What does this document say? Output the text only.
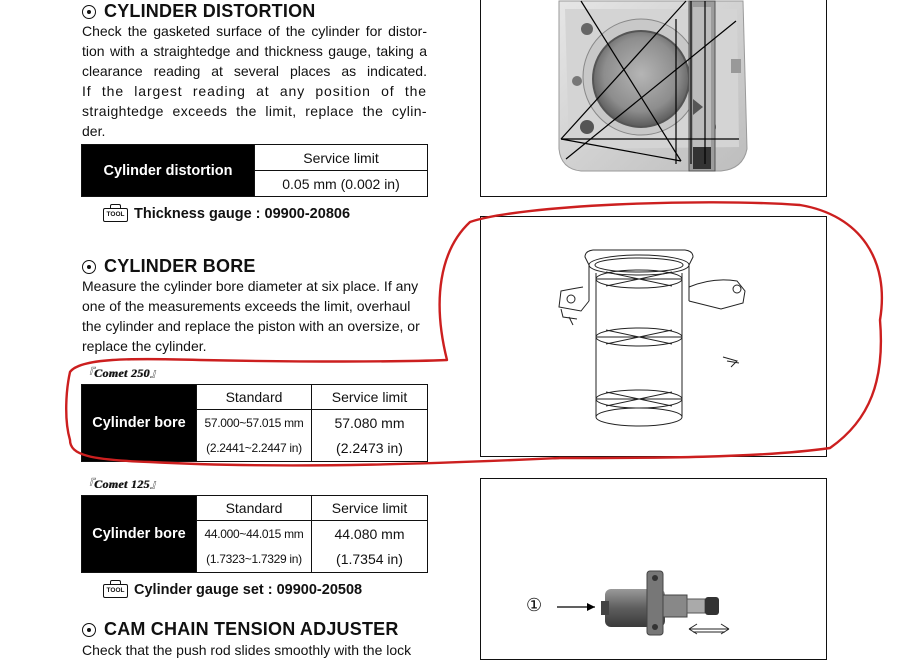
CYLINDER DISTORTION
Check the gasketed surface of the cylinder for distor-
tion with a straightedge and thickness gauge, taking a
clearance reading at several places as indicated.
If the largest reading at any position of the
straightedge exceeds the limit, replace the cylin-
der.
Cylinder distortion	Service limit
0.05 mm (0.002 in)
TOOL Thickness gauge : 09900-20806
CYLINDER BORE
Measure the cylinder bore diameter at six place. If any
one of the measurements exceeds the limit, overhaul
the cylinder and replace the piston with an oversize, or
replace the cylinder.
『Comet 250』
Cylinder bore	Standard	Service limit
	57.000~57.015 mm	57.080 mm
	(2.2441~2.2447 in)	(2.2473 in)
『Comet 125』
Cylinder bore	Standard	Service limit
	44.000~44.015 mm	44.080 mm
	(1.7323~1.7329 in)	(1.7354 in)
TOOL Cylinder gauge set : 09900-20508
CAM CHAIN TENSION ADJUSTER
Check that the push rod slides smoothly with the lock
①
